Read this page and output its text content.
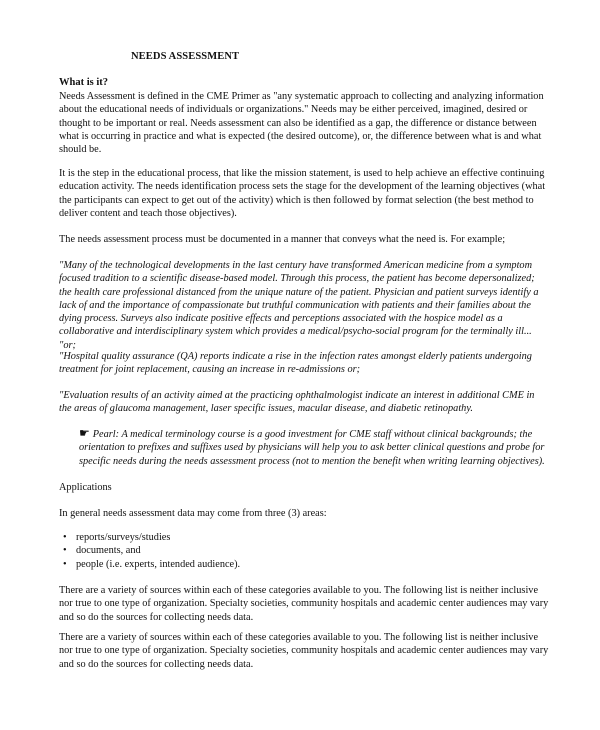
NEEDS ASSESSMENT
What is it?

Needs Assessment is defined in the CME Primer as "any systematic approach to collecting and analyzing information about the educational needs of individuals or organizations." Needs may be either perceived, imagined, desired or thought to be important or real. Needs assessment can also be identified as a gap, the difference or distance between what is occurring in practice and what is expected (the desired outcome), or, the difference between what is and what should be.

It is the step in the educational process, that like the mission statement, is used to help achieve an effective continuing education activity. The needs identification process sets the stage for the development of the learning objectives (what the participants can expect to get out of the activity) which is then followed by format selection (the best method to deliver content and teach those objectives).

The needs assessment process must be documented in a manner that conveys what the need is. For example;

"Many of the technological developments in the last century have transformed American medicine from a symptom focused tradition to a scientific disease-based model. Through this process, the patient has become depersonalized; the health care professional distanced from the unique nature of the patient. Physician and patient surveys identify a lack of and the importance of compassionate but truthful communication with patients and their families about the dying process. Surveys also indicate positive effects and perceptions associated with the hospice model as a collaborative and interdisciplinary system which provides a medical/psycho-social program for the terminally ill... "or;

"Hospital quality assurance (QA) reports indicate a rise in the infection rates amongst elderly patients undergoing treatment for joint replacement, causing an increase in re-admissions or;

"Evaluation results of an activity aimed at the practicing ophthalmologist indicate an interest in additional CME in the areas of glaucoma management, laser specific issues, macular disease, and diabetic retinopathy.

☛ Pearl: A medical terminology course is a good investment for CME staff without clinical backgrounds; the orientation to prefixes and suffixes used by physicians will help you to ask better clinical questions and probe for specific needs during the needs assessment process (not to mention the benefit when writing learning objectives).

Applications

In general needs assessment data may come from three (3) areas:

• reports/surveys/studies
• documents, and
• people (i.e. experts, intended audience).

There are a variety of sources within each of these categories available to you. The following list is neither inclusive nor true to one type of organization. Specialty societies, community hospitals and academic center audiences may vary and so do the sources for collecting needs data.

There are a variety of sources within each of these categories available to you. The following list is neither inclusive nor true to one type of organization. Specialty societies, community hospitals and academic center audiences may vary and so do the sources for collecting needs data.
